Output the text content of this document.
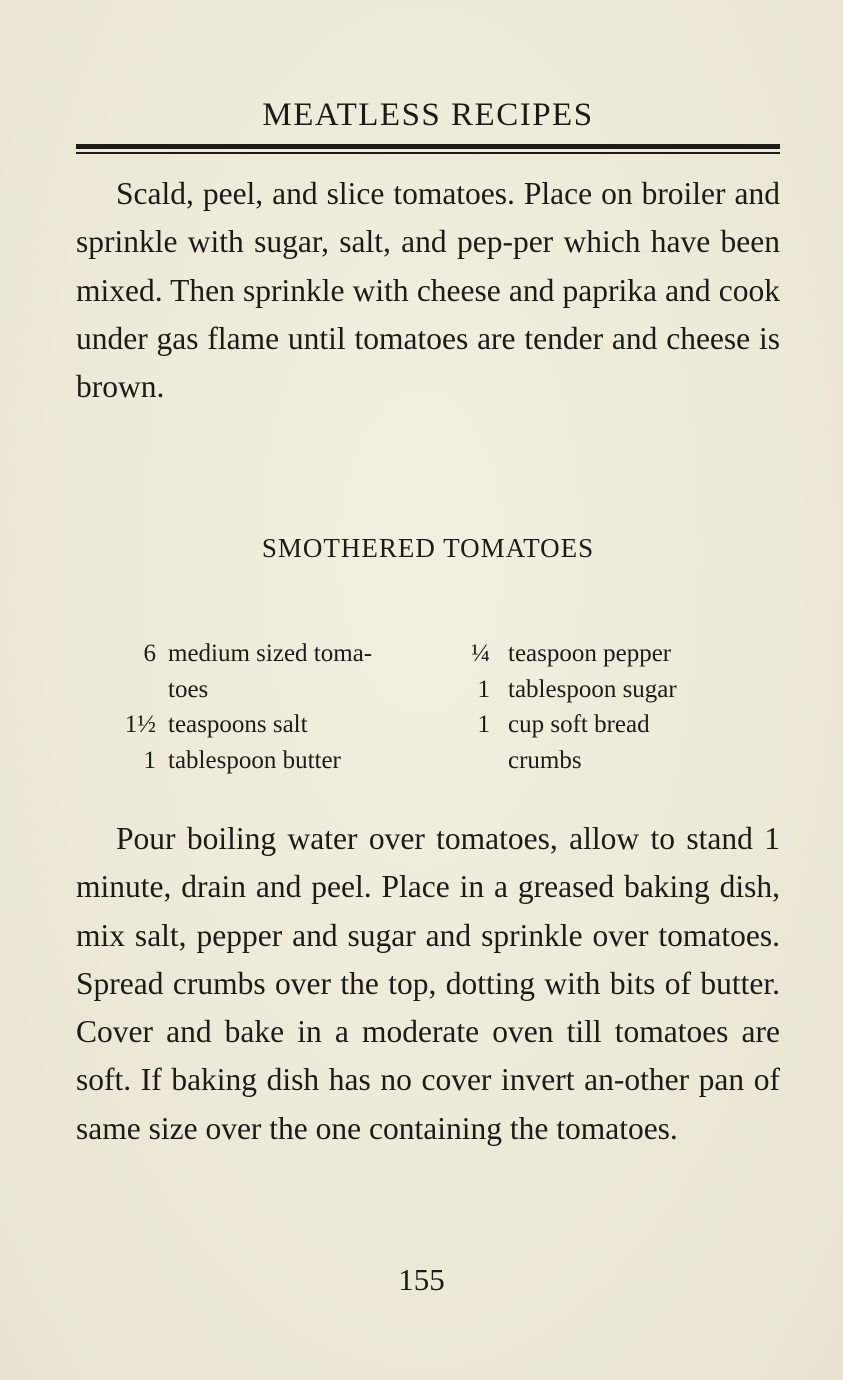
MEATLESS RECIPES

Scald, peel, and slice tomatoes. Place on broiler and sprinkle with sugar, salt, and pep-per which have been mixed. Then sprinkle with cheese and paprika and cook under gas flame until tomatoes are tender and cheese is brown.

SMOTHERED TOMATOES
6 medium sized toma-
toes
1½ teaspoons salt
1 tablespoon butter
¼ teaspoon pepper
1 tablespoon sugar
1 cup soft bread
crumbs

Pour boiling water over tomatoes, allow to stand 1 minute, drain and peel. Place in a greased baking dish, mix salt, pepper and sugar and sprinkle over tomatoes. Spread crumbs over the top, dotting with bits of butter. Cover and bake in a moderate oven till tomatoes are soft. If baking dish has no cover invert an-other pan of same size over the one containing the tomatoes.

155
